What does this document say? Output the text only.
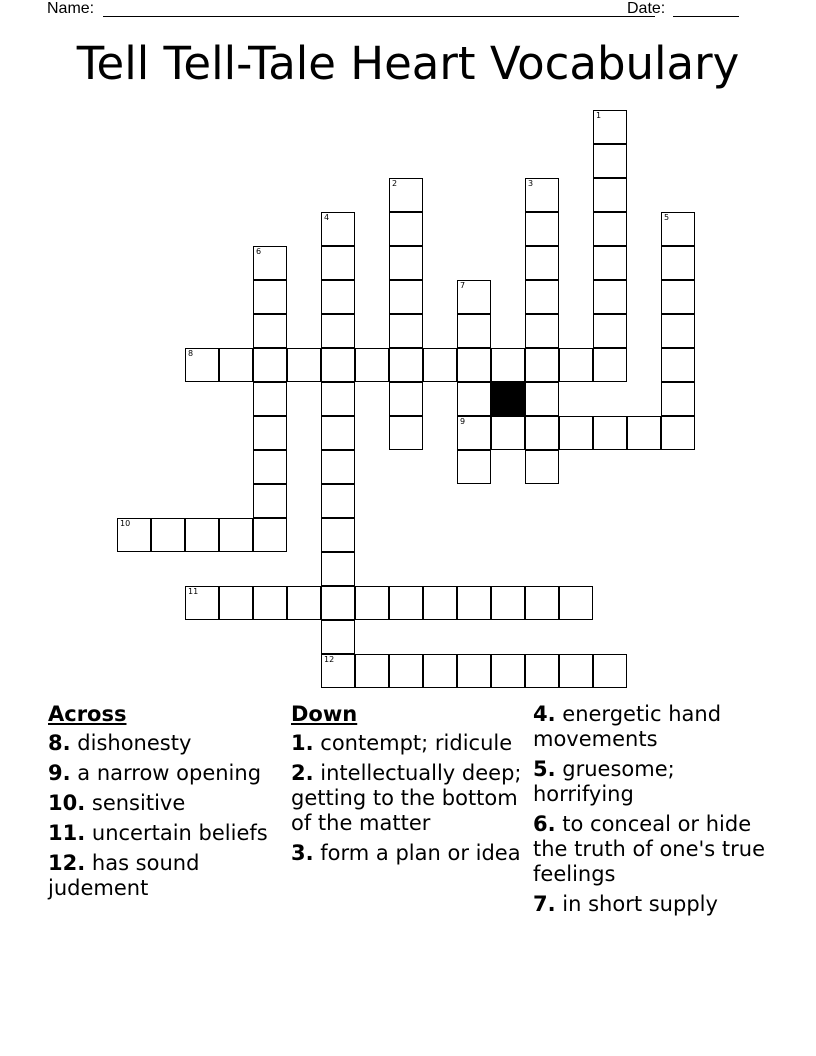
Name:	Date:
Tell Tell-Tale Heart Vocabulary
1
2	3
4
12
5
6
7
9
8
10
11
Across
8. dishonesty
9. a narrow opening
10. sensitive
11. uncertain beliefs
12. has sound judement
Down
1. contempt; ridicule
2. intellectually deep; getting to the bottom of the matter
3. form a plan or idea
4. energetic hand movements
5. gruesome; horrifying
6. to conceal or hide the truth of one's true feelings
7. in short supply
